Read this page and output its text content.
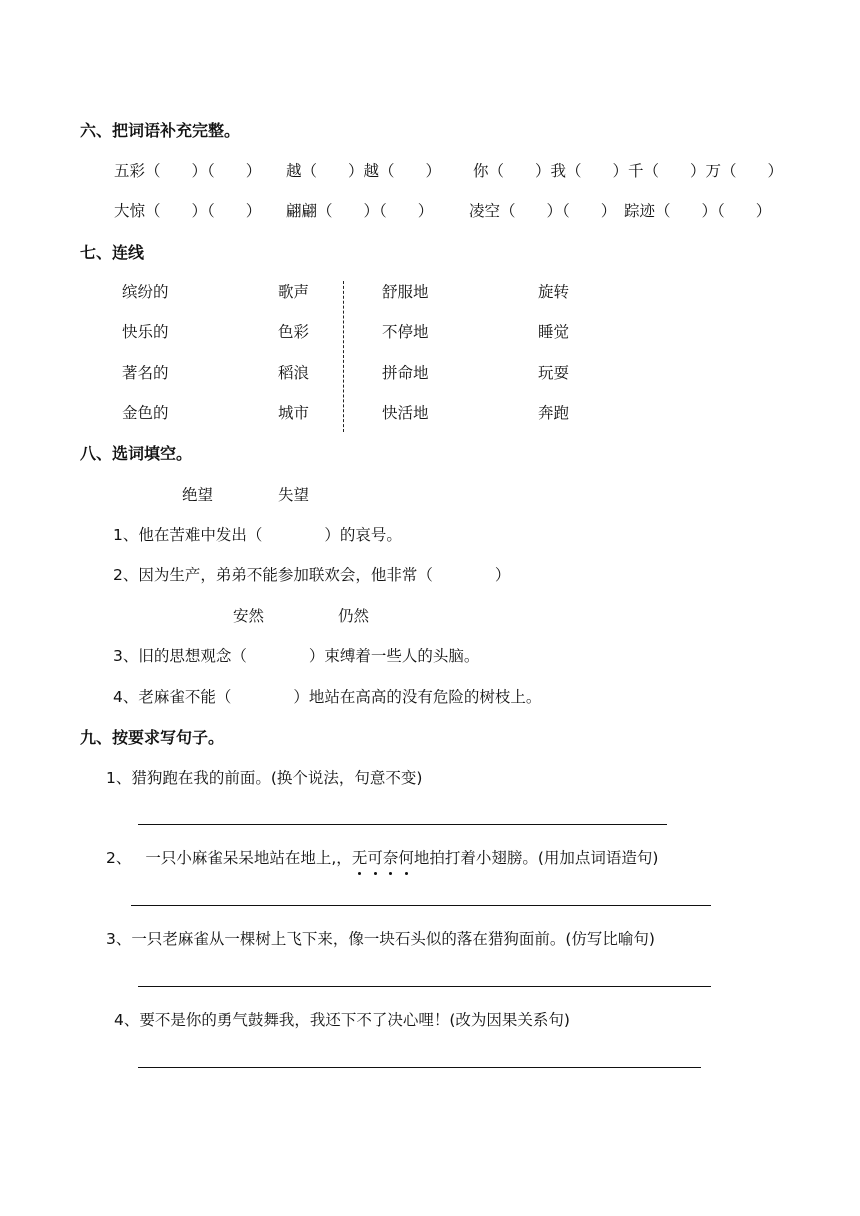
六、把词语补充完整。
五彩（　　）（　　） 越（　　）越（　　） 你（　　）我（　　） 千（　　）万（　　）
大惊（　　）（　　） 翩翩（　　）（　　） 凌空（　　）（　　） 踪迹（　　）（　　）
七、连线
缤纷的
快乐的
著名的
金色的
歌声
色彩
稻浪
城市
舒服地
不停地
拼命地
快活地
旋转
睡觉
玩耍
奔跑
八、选词填空。
绝望	失望
1、他在苦难中发出（　　　　）的哀号。
2、因为生产，弟弟不能参加联欢会，他非常（　　　　）
安然	仍然
3、旧的思想观念（　　　　）束缚着一些人的头脑。
4、老麻雀不能（　　　　）地站在高高的没有危险的树枝上。
九、按要求写句子。
1、猎狗跑在我的前面。(换个说法，句意不变)
2、 一只小麻雀呆呆地站在地上,，无可奈何地拍打着小翅膀。(用加点词语造句)
3、一只老麻雀从一棵树上飞下来，像一块石头似的落在猎狗面前。(仿写比喻句)
4、要不是你的勇气鼓舞我，我还下不了决心哩！(改为因果关系句)
